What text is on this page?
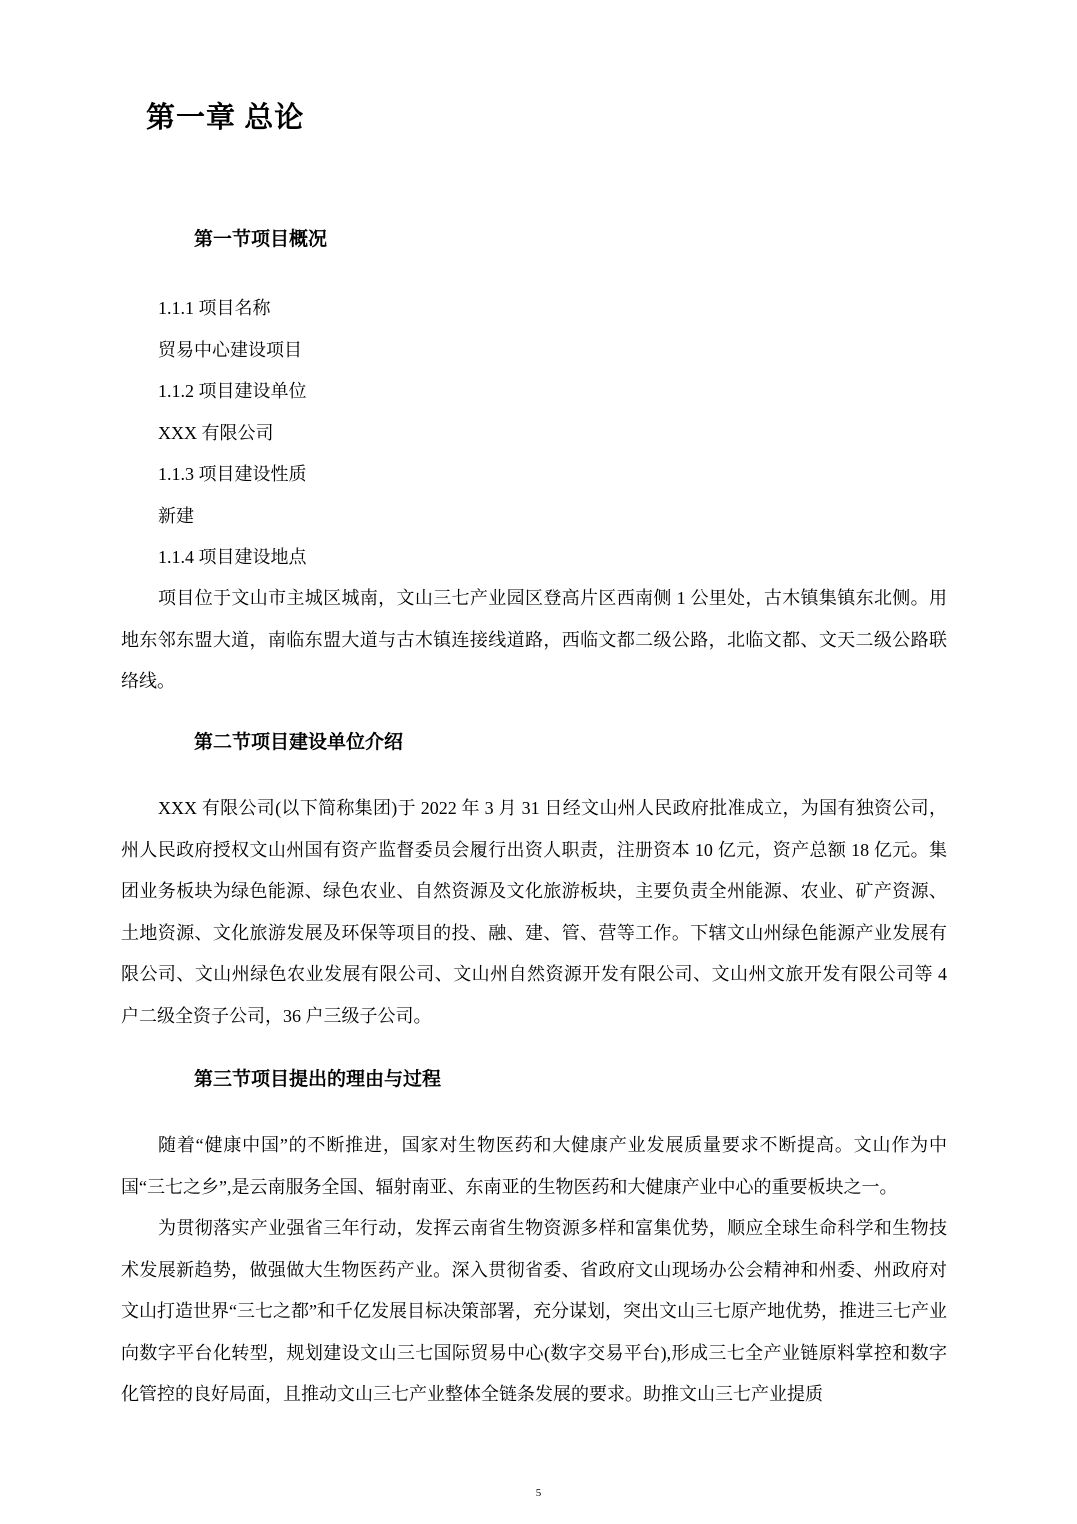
第一章 总论
第一节项目概况

1.1.1 项目名称

贸易中心建设项目

1.1.2 项目建设单位

XXX 有限公司

1.1.3 项目建设性质

新建

1.1.4 项目建设地点

项目位于文山市主城区城南，文山三七产业园区登高片区西南侧 1 公里处，古木镇集镇东北侧。用地东邻东盟大道，南临东盟大道与古木镇连接线道路，西临文都二级公路，北临文都、文天二级公路联络线。

第二节项目建设单位介绍

XXX 有限公司(以下简称集团)于 2022 年 3 月 31 日经文山州人民政府批准成立，为国有独资公司，州人民政府授权文山州国有资产监督委员会履行出资人职责，注册资本 10 亿元，资产总额 18 亿元。集团业务板块为绿色能源、绿色农业、自然资源及文化旅游板块，主要负责全州能源、农业、矿产资源、土地资源、文化旅游发展及环保等项目的投、融、建、管、营等工作。下辖文山州绿色能源产业发展有限公司、文山州绿色农业发展有限公司、文山州自然资源开发有限公司、文山州文旅开发有限公司等 4 户二级全资子公司，36 户三级子公司。

第三节项目提出的理由与过程

随着“健康中国”的不断推进，国家对生物医药和大健康产业发展质量要求不断提高。文山作为中国“三七之乡”,是云南服务全国、辐射南亚、东南亚的生物医药和大健康产业中心的重要板块之一。

为贯彻落实产业强省三年行动，发挥云南省生物资源多样和富集优势，顺应全球生命科学和生物技术发展新趋势，做强做大生物医药产业。深入贯彻省委、省政府文山现场办公会精神和州委、州政府对文山打造世界“三七之都”和千亿发展目标决策部署，充分谋划，突出文山三七原产地优势，推进三七产业向数字平台化转型，规划建设文山三七国际贸易中心(数字交易平台),形成三七全产业链原料掌控和数字化管控的良好局面，且推动文山三七产业整体全链条发展的要求。助推文山三七产业提质

5
